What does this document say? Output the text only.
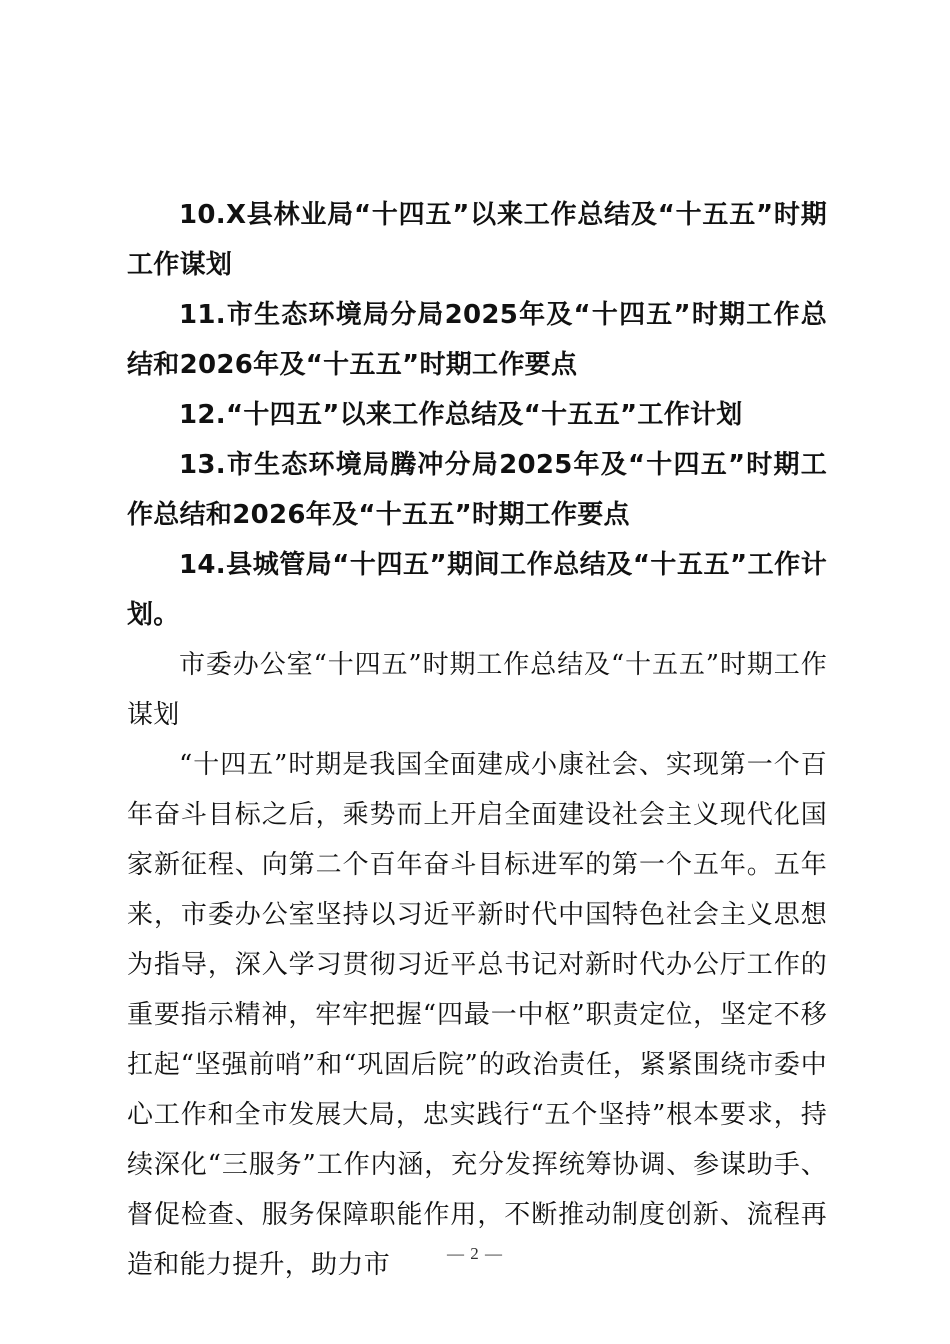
10.X县林业局“十四五”以来工作总结及“十五五”时期工作谋划

11.市生态环境局分局2025年及“十四五”时期工作总结和2026年及“十五五”时期工作要点

12.“十四五”以来工作总结及“十五五”工作计划

13.市生态环境局腾冲分局2025年及“十四五”时期工作总结和2026年及“十五五”时期工作要点

14.县城管局“十四五”期间工作总结及“十五五”工作计划。

市委办公室“十四五”时期工作总结及“十五五”时期工作谋划

“十四五”时期是我国全面建成小康社会、实现第一个百年奋斗目标之后，乘势而上开启全面建设社会主义现代化国家新征程、向第二个百年奋斗目标进军的第一个五年。五年来，市委办公室坚持以习近平新时代中国特色社会主义思想为指导，深入学习贯彻习近平总书记对新时代办公厅工作的重要指示精神，牢牢把握“四最一中枢”职责定位，坚定不移扛起“坚强前哨”和“巩固后院”的政治责任，紧紧围绕市委中心工作和全市发展大局，忠实践行“五个坚持”根本要求，持续深化“三服务”工作内涵，充分发挥统筹协调、参谋助手、督促检查、服务保障职能作用，不断推动制度创新、流程再造和能力提升，助力市	— 2 —
